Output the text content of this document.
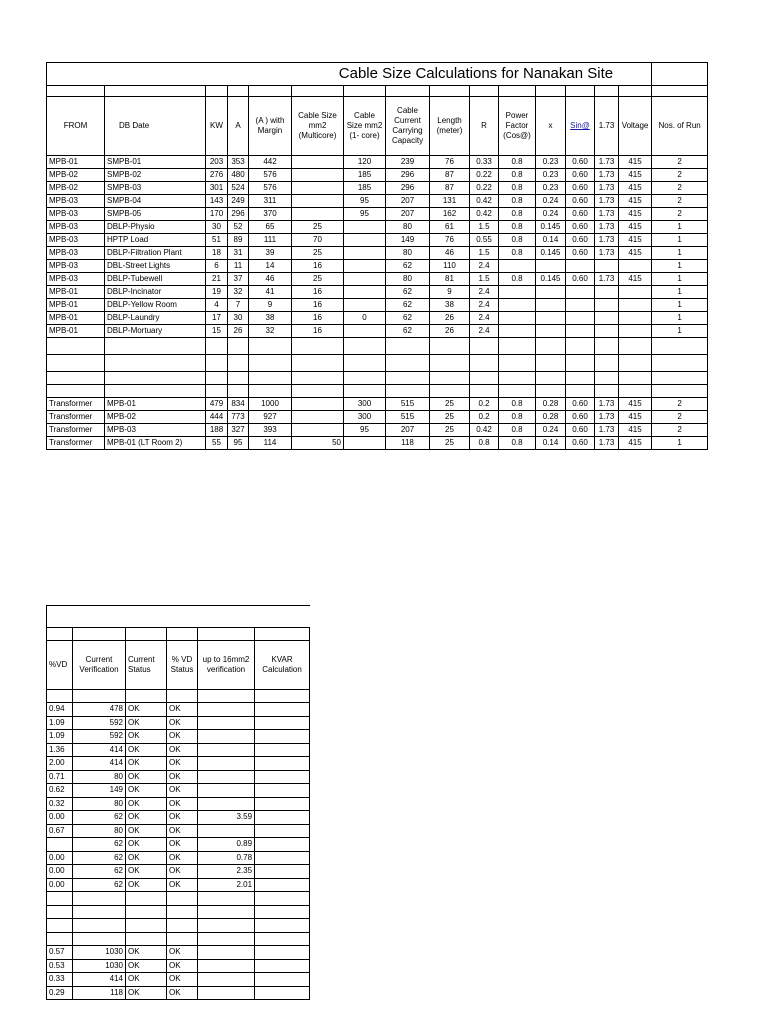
Cable Size Calculations for Nanakan Site															

FROM	DB Date	KW	A	(A ) with Margin	Cable Size mm2 (Multicore)	Cable Size mm2 (1- core)	Cable Current Carrying Capacity	Length (meter)	R	Power Factor (Cos@)	x	Sin@	1.73	Voltage	Nos. of Run
MPB-01	SMPB-01	203	353	442		120	239	76	0.33	0.8	0.23	0.60	1.73	415	2
MPB-02	SMPB-02	276	480	576		185	296	87	0.22	0.8	0.23	0.60	1.73	415	2
MPB-02	SMPB-03	301	524	576		185	296	87	0.22	0.8	0.23	0.60	1.73	415	2
MPB-03	SMPB-04	143	249	311		95	207	131	0.42	0.8	0.24	0.60	1.73	415	2
MPB-03	SMPB-05	170	296	370		95	207	162	0.42	0.8	0.24	0.60	1.73	415	2
MPB-03	DBLP-Physio	30	52	65	25		80	61	1.5	0.8	0.145	0.60	1.73	415	1
MPB-03	HPTP Load	51	89	111	70		149	76	0.55	0.8	0.14	0.60	1.73	415	1
MPB-03	DBLP-Filtration Plant	18	31	39	25		80	46	1.5	0.8	0.145	0.60	1.73	415	1
MPB-03	DBL-Street Lights	6	11	14	16		62	110	2.4						1
MPB-03	DBLP-Tubewell	21	37	46	25		80	81	1.5	0.8	0.145	0.60	1.73	415	1
MPB-01	DBLP-Incinator	19	32	41	16		62	9	2.4						1
MPB-01	DBLP-Yellow Room	4	7	9	16		62	38	2.4						1
MPB-01	DBLP-Laundry	17	30	38	16	0	62	26	2.4						1
MPB-01	DBLP-Mortuary	15	26	32	16		62	26	2.4						1

Transformer	MPB-01	479	834	1000		300	515	25	0.2	0.8	0.28	0.60	1.73	415	2
Transformer	MPB-02	444	773	927		300	515	25	0.2	0.8	0.28	0.60	1.73	415	2
Transformer	MPB-03	188	327	393		95	207	25	0.42	0.8	0.24	0.60	1.73	415	2
Transformer	MPB-01 (LT Room 2)	55	95	114	50		118	25	0.8	0.8	0.14	0.60	1.73	415	1

%VD	Current Verification	Current Status	% VD Status	up to 16mm2 verification	KVAR Calculation

0.94	478	OK	OK		
1.09	592	OK	OK		
1.09	592	OK	OK		
1.36	414	OK	OK		
2.00	414	OK	OK		
0.71	80	OK	OK		
0.62	149	OK	OK		
0.32	80	OK	OK		
0.00	62	OK	OK	3.59	
0.67	80	OK	OK		
	62	OK	OK	0.89	
0.00	62	OK	OK	0.78	
0.00	62	OK	OK	2.35	
0.00	62	OK	OK	2.01	

0.57	1030	OK	OK		
0.53	1030	OK	OK		
0.33	414	OK	OK		
0.29	118	OK	OK		
